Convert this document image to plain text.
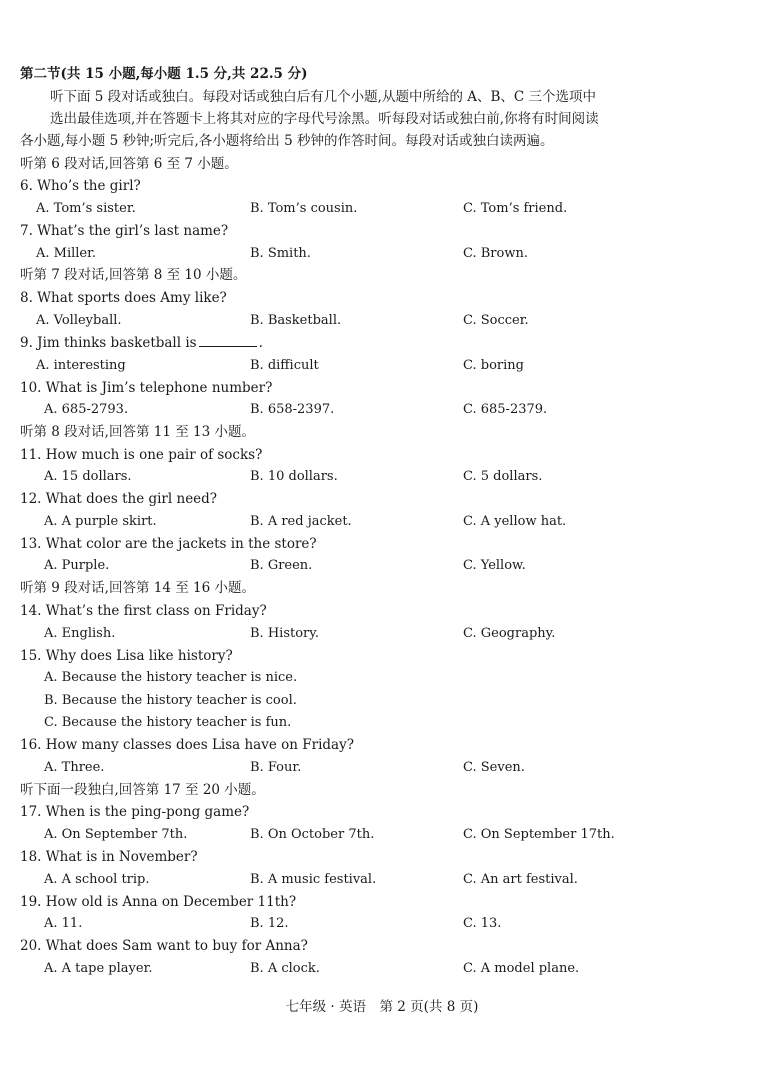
第二节(共 15 小题,每小题 1.5 分,共 22.5 分)
听下面 5 段对话或独白。每段对话或独白后有几个小题,从题中所给的 A、B、C 三个选项中
选出最佳选项,并在答题卡上将其对应的字母代号涂黑。听每段对话或独白前,你将有时间阅读
各小题,每小题 5 秒钟;听完后,各小题将给出 5 秒钟的作答时间。每段对话或独白读两遍。
听第 6 段对话,回答第 6 至 7 小题。
6. Who’s the girl?
A. Tom’s sister.	B. Tom’s cousin.	C. Tom’s friend.
7. What’s the girl’s last name?
A. Miller.	B. Smith.	C. Brown.
听第 7 段对话,回答第 8 至 10 小题。
8. What sports does Amy like?
A. Volleyball.	B. Basketball.	C. Soccer.
9. Jim thinks basketball is	.
A. interesting	B. difficult	C. boring
10. What is Jim’s telephone number?
A. 685-2793.	B. 658-2397.	C. 685-2379.
听第 8 段对话,回答第 11 至 13 小题。
11. How much is one pair of socks?
A. 15 dollars.	B. 10 dollars.	C. 5 dollars.
12. What does the girl need?
A. A purple skirt.	B. A red jacket.	C. A yellow hat.
13. What color are the jackets in the store?
A. Purple.	B. Green.	C. Yellow.
听第 9 段对话,回答第 14 至 16 小题。
14. What’s the first class on Friday?
A. English.	B. History.	C. Geography.
15. Why does Lisa like history?
A. Because the history teacher is nice.
B. Because the history teacher is cool.
C. Because the history teacher is fun.
16. How many classes does Lisa have on Friday?
A. Three.	B. Four.	C. Seven.
听下面一段独白,回答第 17 至 20 小题。
17. When is the ping-pong game?
A. On September 7th.	B. On October 7th.	C. On September 17th.
18. What is in November?
A. A school trip.	B. A music festival.	C. An art festival.
19. How old is Anna on December 11th?
A. 11.	B. 12.	C. 13.
20. What does Sam want to buy for Anna?
A. A tape player.	B. A clock.	C. A model plane.
七年级 · 英语　第 2 页(共 8 页)
